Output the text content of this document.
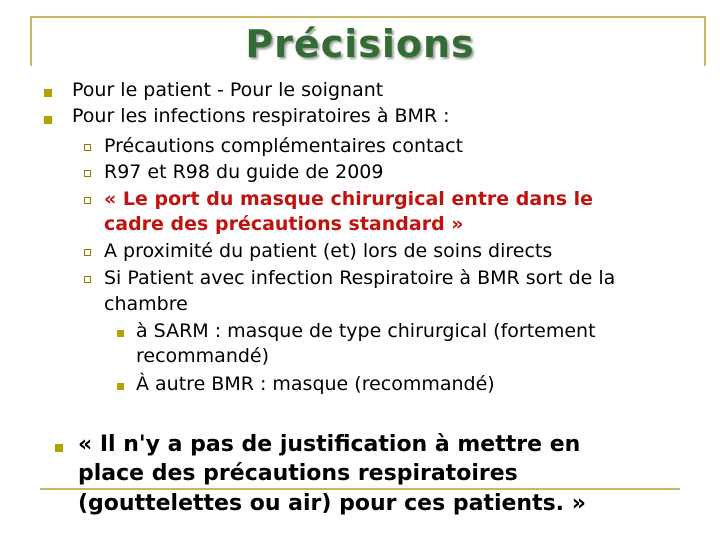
Précisions
Pour le patient - Pour le soignant
Pour les infections respiratoires à BMR :
Précautions complémentaires contact
R97 et R98 du guide de 2009
« Le port du masque chirurgical entre dans le
cadre des précautions standard »
A proximité du patient (et) lors de soins directs
Si Patient avec infection Respiratoire à BMR sort de la
chambre
à SARM : masque de type chirurgical (fortement
recommandé)
À autre BMR : masque (recommandé)
« Il n'y a pas de justification à mettre en
place des précautions respiratoires
(gouttelettes ou air) pour ces patients. »
